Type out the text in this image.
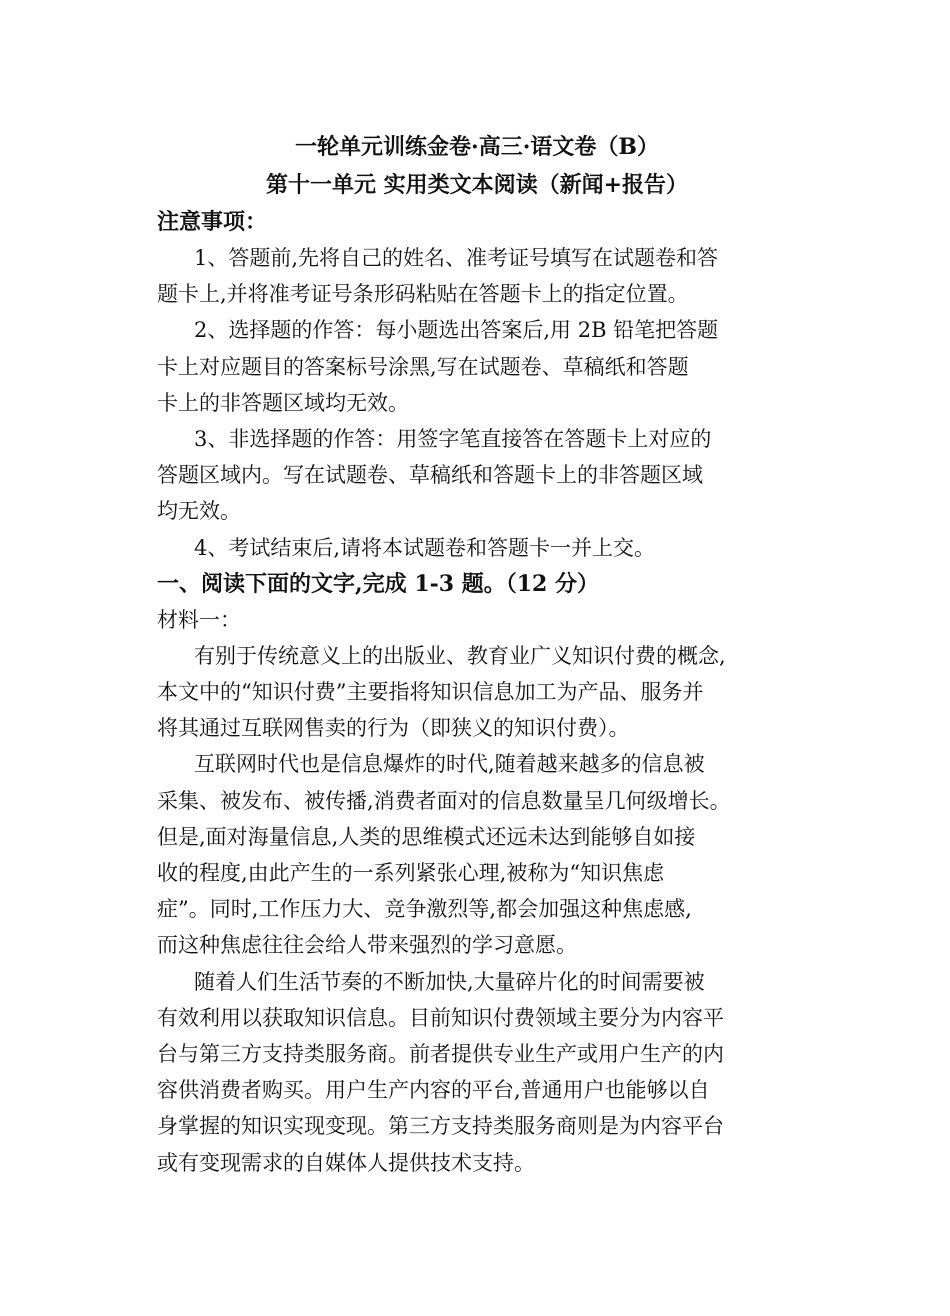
一轮单元训练金卷·高三·语文卷（B）

第十一单元 实用类文本阅读（新闻+报告）

注意事项：

1、答题前,先将自己的姓名、准考证号填写在试题卷和答
题卡上,并将准考证号条形码粘贴在答题卡上的指定位置。

2、选择题的作答：每小题选出答案后,用 2B 铅笔把答题
卡上对应题目的答案标号涂黑,写在试题卷、草稿纸和答题
卡上的非答题区域均无效。

3、非选择题的作答：用签字笔直接答在答题卡上对应的
答题区域内。写在试题卷、草稿纸和答题卡上的非答题区域
均无效。

4、考试结束后,请将本试题卷和答题卡一并上交。

一、阅读下面的文字,完成 1-3 题。（12 分）

材料一：

有别于传统意义上的出版业、教育业广义知识付费的概念,
本文中的“知识付费”主要指将知识信息加工为产品、服务并
将其通过互联网售卖的行为（即狭义的知识付费）。

互联网时代也是信息爆炸的时代,随着越来越多的信息被
采集、被发布、被传播,消费者面对的信息数量呈几何级增长。
但是,面对海量信息,人类的思维模式还远未达到能够自如接
收的程度,由此产生的一系列紧张心理,被称为“知识焦虑
症”。同时,工作压力大、竞争激烈等,都会加强这种焦虑感,
而这种焦虑往往会给人带来强烈的学习意愿。

随着人们生活节奏的不断加快,大量碎片化的时间需要被
有效利用以获取知识信息。目前知识付费领域主要分为内容平
台与第三方支持类服务商。前者提供专业生产或用户生产的内
容供消费者购买。用户生产内容的平台,普通用户也能够以自
身掌握的知识实现变现。第三方支持类服务商则是为内容平台
或有变现需求的自媒体人提供技术支持。
